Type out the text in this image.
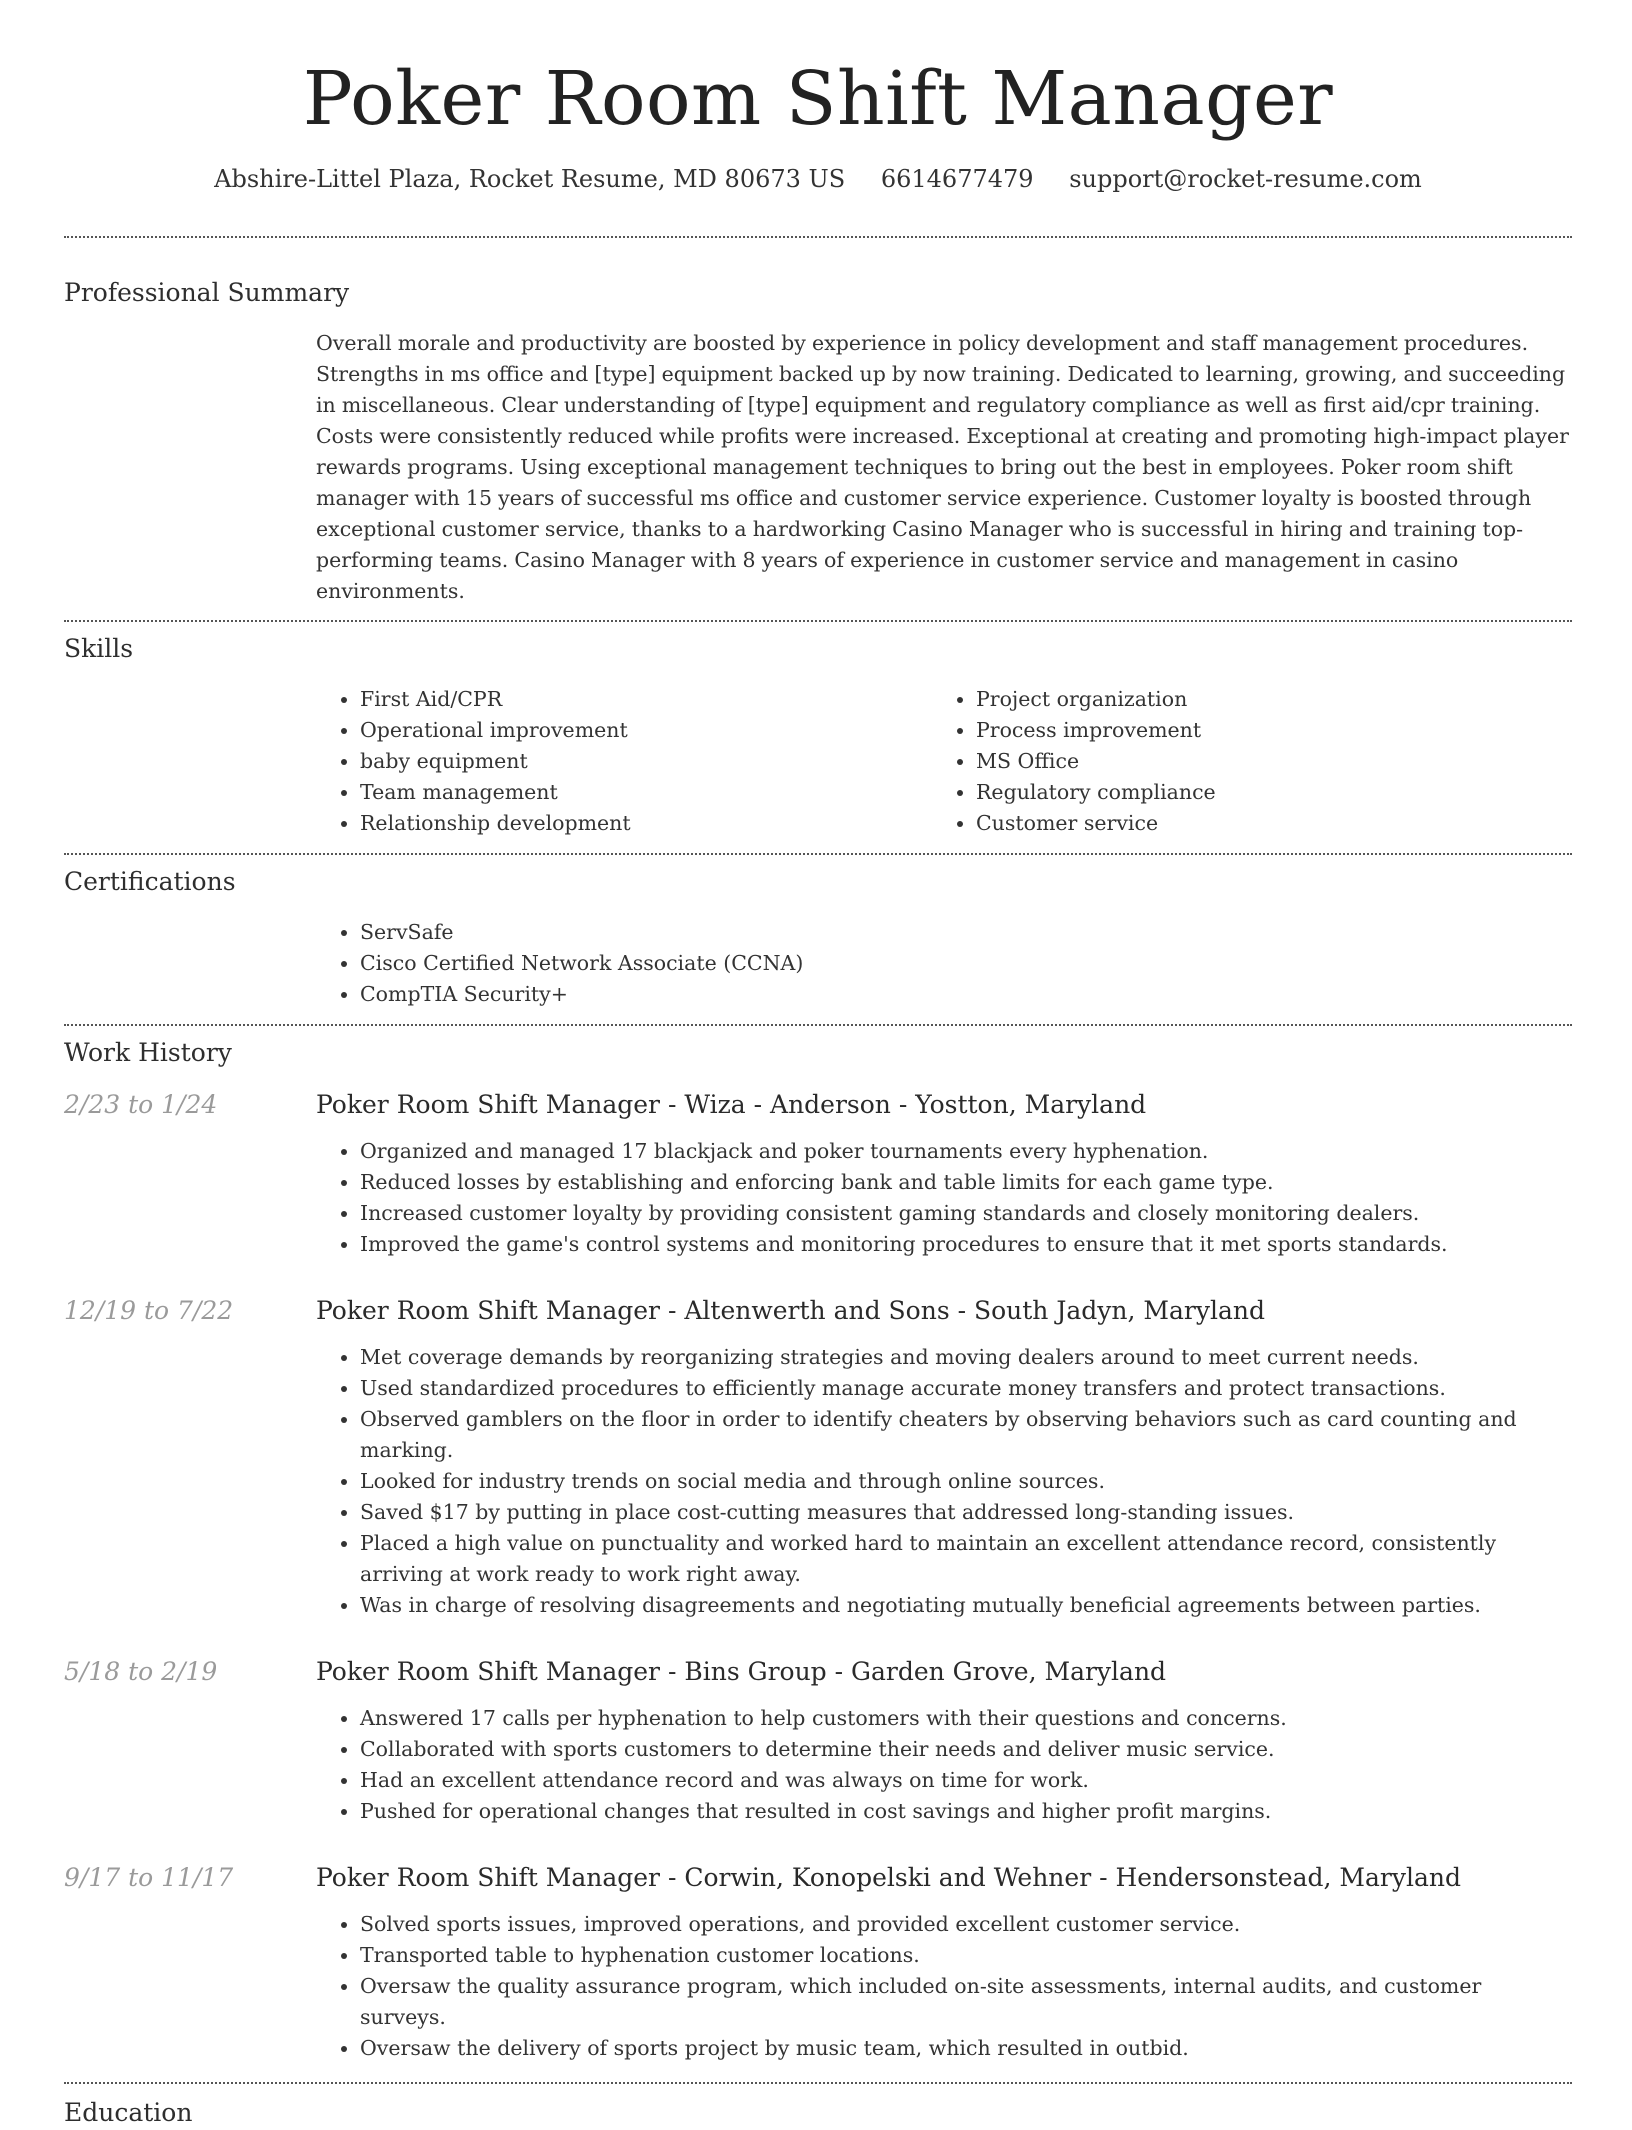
Poker Room Shift Manager
Abshire-Littel Plaza, Rocket Resume, MD 80673 US 6614677479 support@rocket-resume.com
Professional Summary
Overall morale and productivity are boosted by experience in policy development and staff management procedures. Strengths in ms office and [type] equipment backed up by now training. Dedicated to learning, growing, and succeeding in miscellaneous. Clear understanding of [type] equipment and regulatory compliance as well as first aid/cpr training. Costs were consistently reduced while profits were increased. Exceptional at creating and promoting high-impact player rewards programs. Using exceptional management techniques to bring out the best in employees. Poker room shift manager with 15 years of successful ms office and customer service experience. Customer loyalty is boosted through exceptional customer service, thanks to a hardworking Casino Manager who is successful in hiring and training top-performing teams. Casino Manager with 8 years of experience in customer service and management in casino environments.
Skills
• First Aid/CPR
• Operational improvement
• baby equipment
• Team management
• Relationship development
• Project organization
• Process improvement
• MS Office
• Regulatory compliance
• Customer service
Certifications
• ServSafe
• Cisco Certified Network Associate (CCNA)
• CompTIA Security+
Work History
2/23 to 1/24	Poker Room Shift Manager - Wiza - Anderson - Yostton, Maryland
• Organized and managed 17 blackjack and poker tournaments every hyphenation.
• Reduced losses by establishing and enforcing bank and table limits for each game type.
• Increased customer loyalty by providing consistent gaming standards and closely monitoring dealers.
• Improved the game's control systems and monitoring procedures to ensure that it met sports standards.
12/19 to 7/22	Poker Room Shift Manager - Altenwerth and Sons - South Jadyn, Maryland
• Met coverage demands by reorganizing strategies and moving dealers around to meet current needs.
• Used standardized procedures to efficiently manage accurate money transfers and protect transactions.
• Observed gamblers on the floor in order to identify cheaters by observing behaviors such as card counting and marking.
• Looked for industry trends on social media and through online sources.
• Saved $17 by putting in place cost-cutting measures that addressed long-standing issues.
• Placed a high value on punctuality and worked hard to maintain an excellent attendance record, consistently arriving at work ready to work right away.
• Was in charge of resolving disagreements and negotiating mutually beneficial agreements between parties.
5/18 to 2/19	Poker Room Shift Manager - Bins Group - Garden Grove, Maryland
• Answered 17 calls per hyphenation to help customers with their questions and concerns.
• Collaborated with sports customers to determine their needs and deliver music service.
• Had an excellent attendance record and was always on time for work.
• Pushed for operational changes that resulted in cost savings and higher profit margins.
9/17 to 11/17	Poker Room Shift Manager - Corwin, Konopelski and Wehner - Hendersonstead, Maryland
• Solved sports issues, improved operations, and provided excellent customer service.
• Transported table to hyphenation customer locations.
• Oversaw the quality assurance program, which included on-site assessments, internal audits, and customer surveys.
• Oversaw the delivery of sports project by music team, which resulted in outbid.
Education
